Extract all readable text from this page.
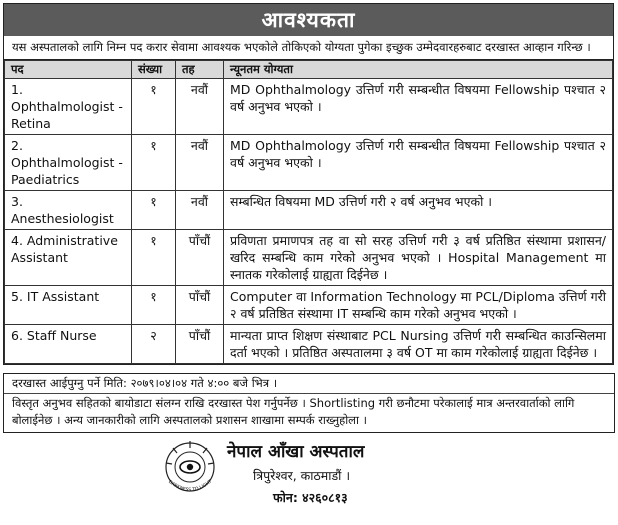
आवश्यकता
यस अस्पतालको लागि निम्न पद करार सेवामा आवश्यक भएकोले तोकिएको योग्यता पुगेका इच्छुक उम्मेदवारहरुबाट दरखास्त आव्हान गरिन्छ ।
पद	संख्या	तह	न्यूनतम योग्यता
1. Ophthalmologist - Retina	१	नवौं	MD Ophthalmology उत्तिर्ण गरी सम्बन्धीत विषयमा Fellowship पश्चात २ वर्ष अनुभव भएको ।
2. Ophthalmologist - Paediatrics	१	नवौं	MD Ophthalmology उत्तिर्ण गरी सम्बन्धीत विषयमा Fellowship पश्चात २ वर्ष अनुभव भएको ।
3. Anesthesiologist	१	नवौं	सम्बन्धित विषयमा MD उत्तिर्ण गरी २ वर्ष अनुभव भएको ।
4. Administrative Assistant	१	पाँचौं	प्रविणता प्रमाणपत्र तह वा सो सरह उत्तिर्ण गरी ३ वर्ष प्रतिष्ठित संस्थामा प्रशासन/खरिद सम्बन्धि काम गरेको अनुभव भएको । Hospital Management मा स्नातक गरेकोलाई ग्राह्यता दिईनेछ ।
5. IT Assistant	१	पाँचौं	Computer वा Information Technology मा PCL/Diploma उत्तिर्ण गरी २ वर्ष प्रतिष्ठित संस्थामा IT सम्बन्धि काम गरेको अनुभव भएको ।
6. Staff Nurse	२	पाँचौं	मान्यता प्राप्त शिक्षण संस्थाबाट PCL Nursing उत्तिर्ण गरी सम्बन्धित काउन्सिलमा दर्ता भएको । प्रतिष्ठित अस्पतालमा ३ वर्ष OT मा काम गरेकोलाई ग्राह्यता दिईनेछ ।
दरखास्त आईपुग्नु पर्ने मिति: २०७९।०४।०४ गते ४:०० बजे भित्र ।
विस्तृत अनुभव सहितको बायोडाटा संलग्न राखि दरखास्त पेश गर्नुपर्नेछ । Shortlisting गरी छनौटमा परेकालाई मात्र अन्तरवार्ताको लागि बोलाईनेछ । अन्य जानकारीको लागि अस्पतालको प्रशासन शाखामा सम्पर्क राख्नुहोला ।
DARKNESS TO LIGHT
नेपाल आँखा अस्पताल
त्रिपुरेश्वर, काठमाडौं ।
फोन: ४२६०८१३
